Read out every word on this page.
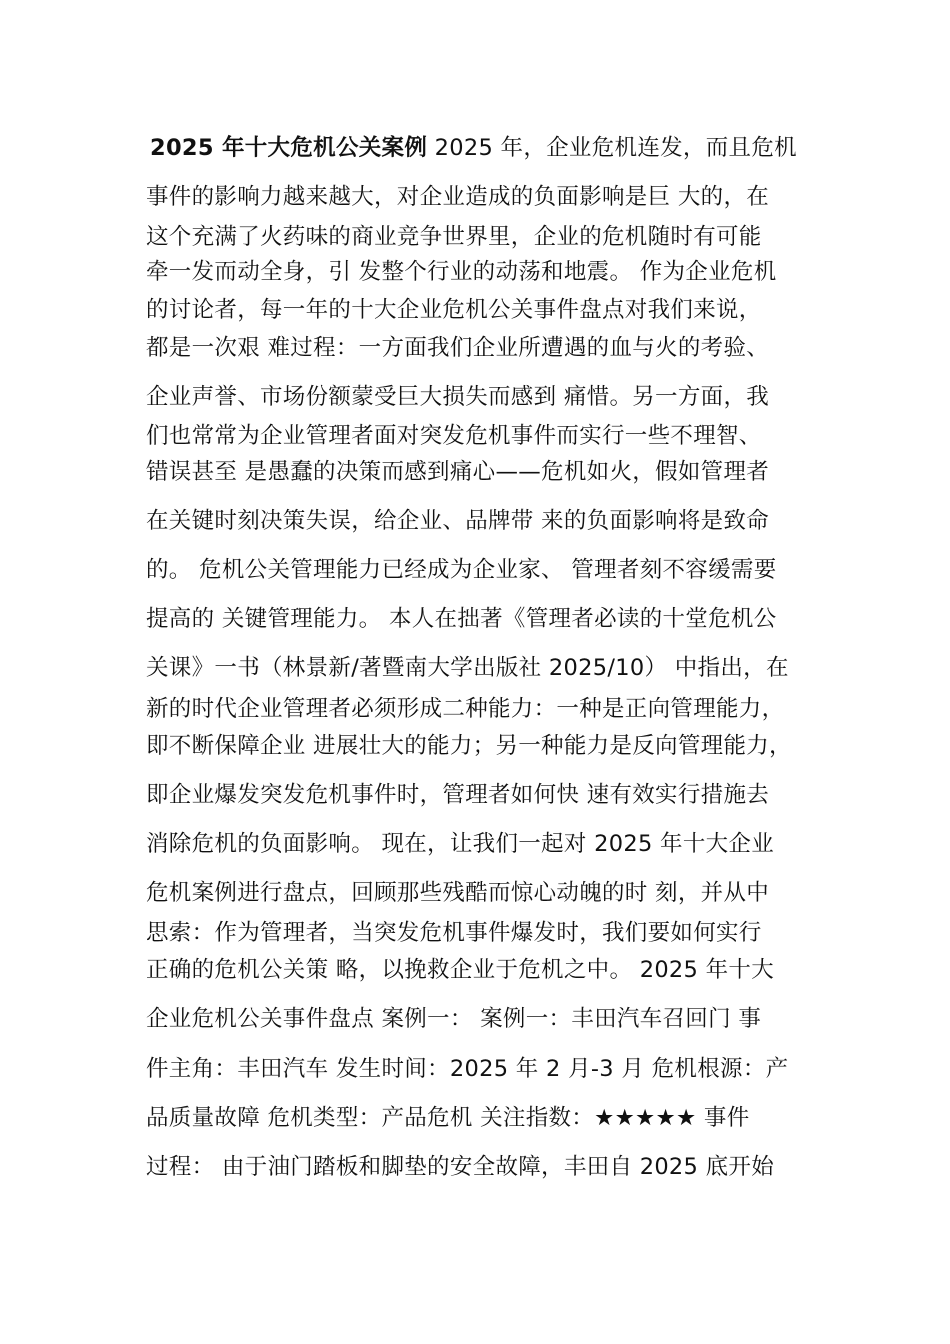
2025 年十大危机公关案例 2025 年，企业危机连发，而且危机
事件的影响力越来越大，对企业造成的负面影响是巨 大的，在
这个充满了火药味的商业竞争世界里，企业的危机随时有可能
牵一发而动全身，引 发整个行业的动荡和地震。 作为企业危机
的讨论者，每一年的十大企业危机公关事件盘点对我们来说，
都是一次艰 难过程：一方面我们企业所遭遇的血与火的考验、
企业声誉、市场份额蒙受巨大损失而感到 痛惜。另一方面，我
们也常常为企业管理者面对突发危机事件而实行一些不理智、
错误甚至 是愚蠢的决策而感到痛心——危机如火，假如管理者
在关键时刻决策失误，给企业、品牌带 来的负面影响将是致命
的。 危机公关管理能力已经成为企业家、 管理者刻不容缓需要
提高的 关键管理能力。 本人在拙著《管理者必读的十堂危机公
关课》一书（林景新/著暨南大学出版社 2025/10） 中指出，在
新的时代企业管理者必须形成二种能力：一种是正向管理能力，
即不断保障企业 进展壮大的能力；另一种能力是反向管理能力，
即企业爆发突发危机事件时，管理者如何快 速有效实行措施去
消除危机的负面影响。 现在，让我们一起对 2025 年十大企业
危机案例进行盘点，回顾那些残酷而惊心动魄的时 刻，并从中
思索：作为管理者，当突发危机事件爆发时，我们要如何实行
正确的危机公关策 略，以挽救企业于危机之中。 2025 年十大
企业危机公关事件盘点 案例一： 案例一：丰田汽车召回门 事
件主角：丰田汽车 发生时间：2025 年 2 月-3 月 危机根源：产
品质量故障 危机类型：产品危机 关注指数：★★★★★ 事件
过程： 由于油门踏板和脚垫的安全故障，丰田自 2025 底开始
